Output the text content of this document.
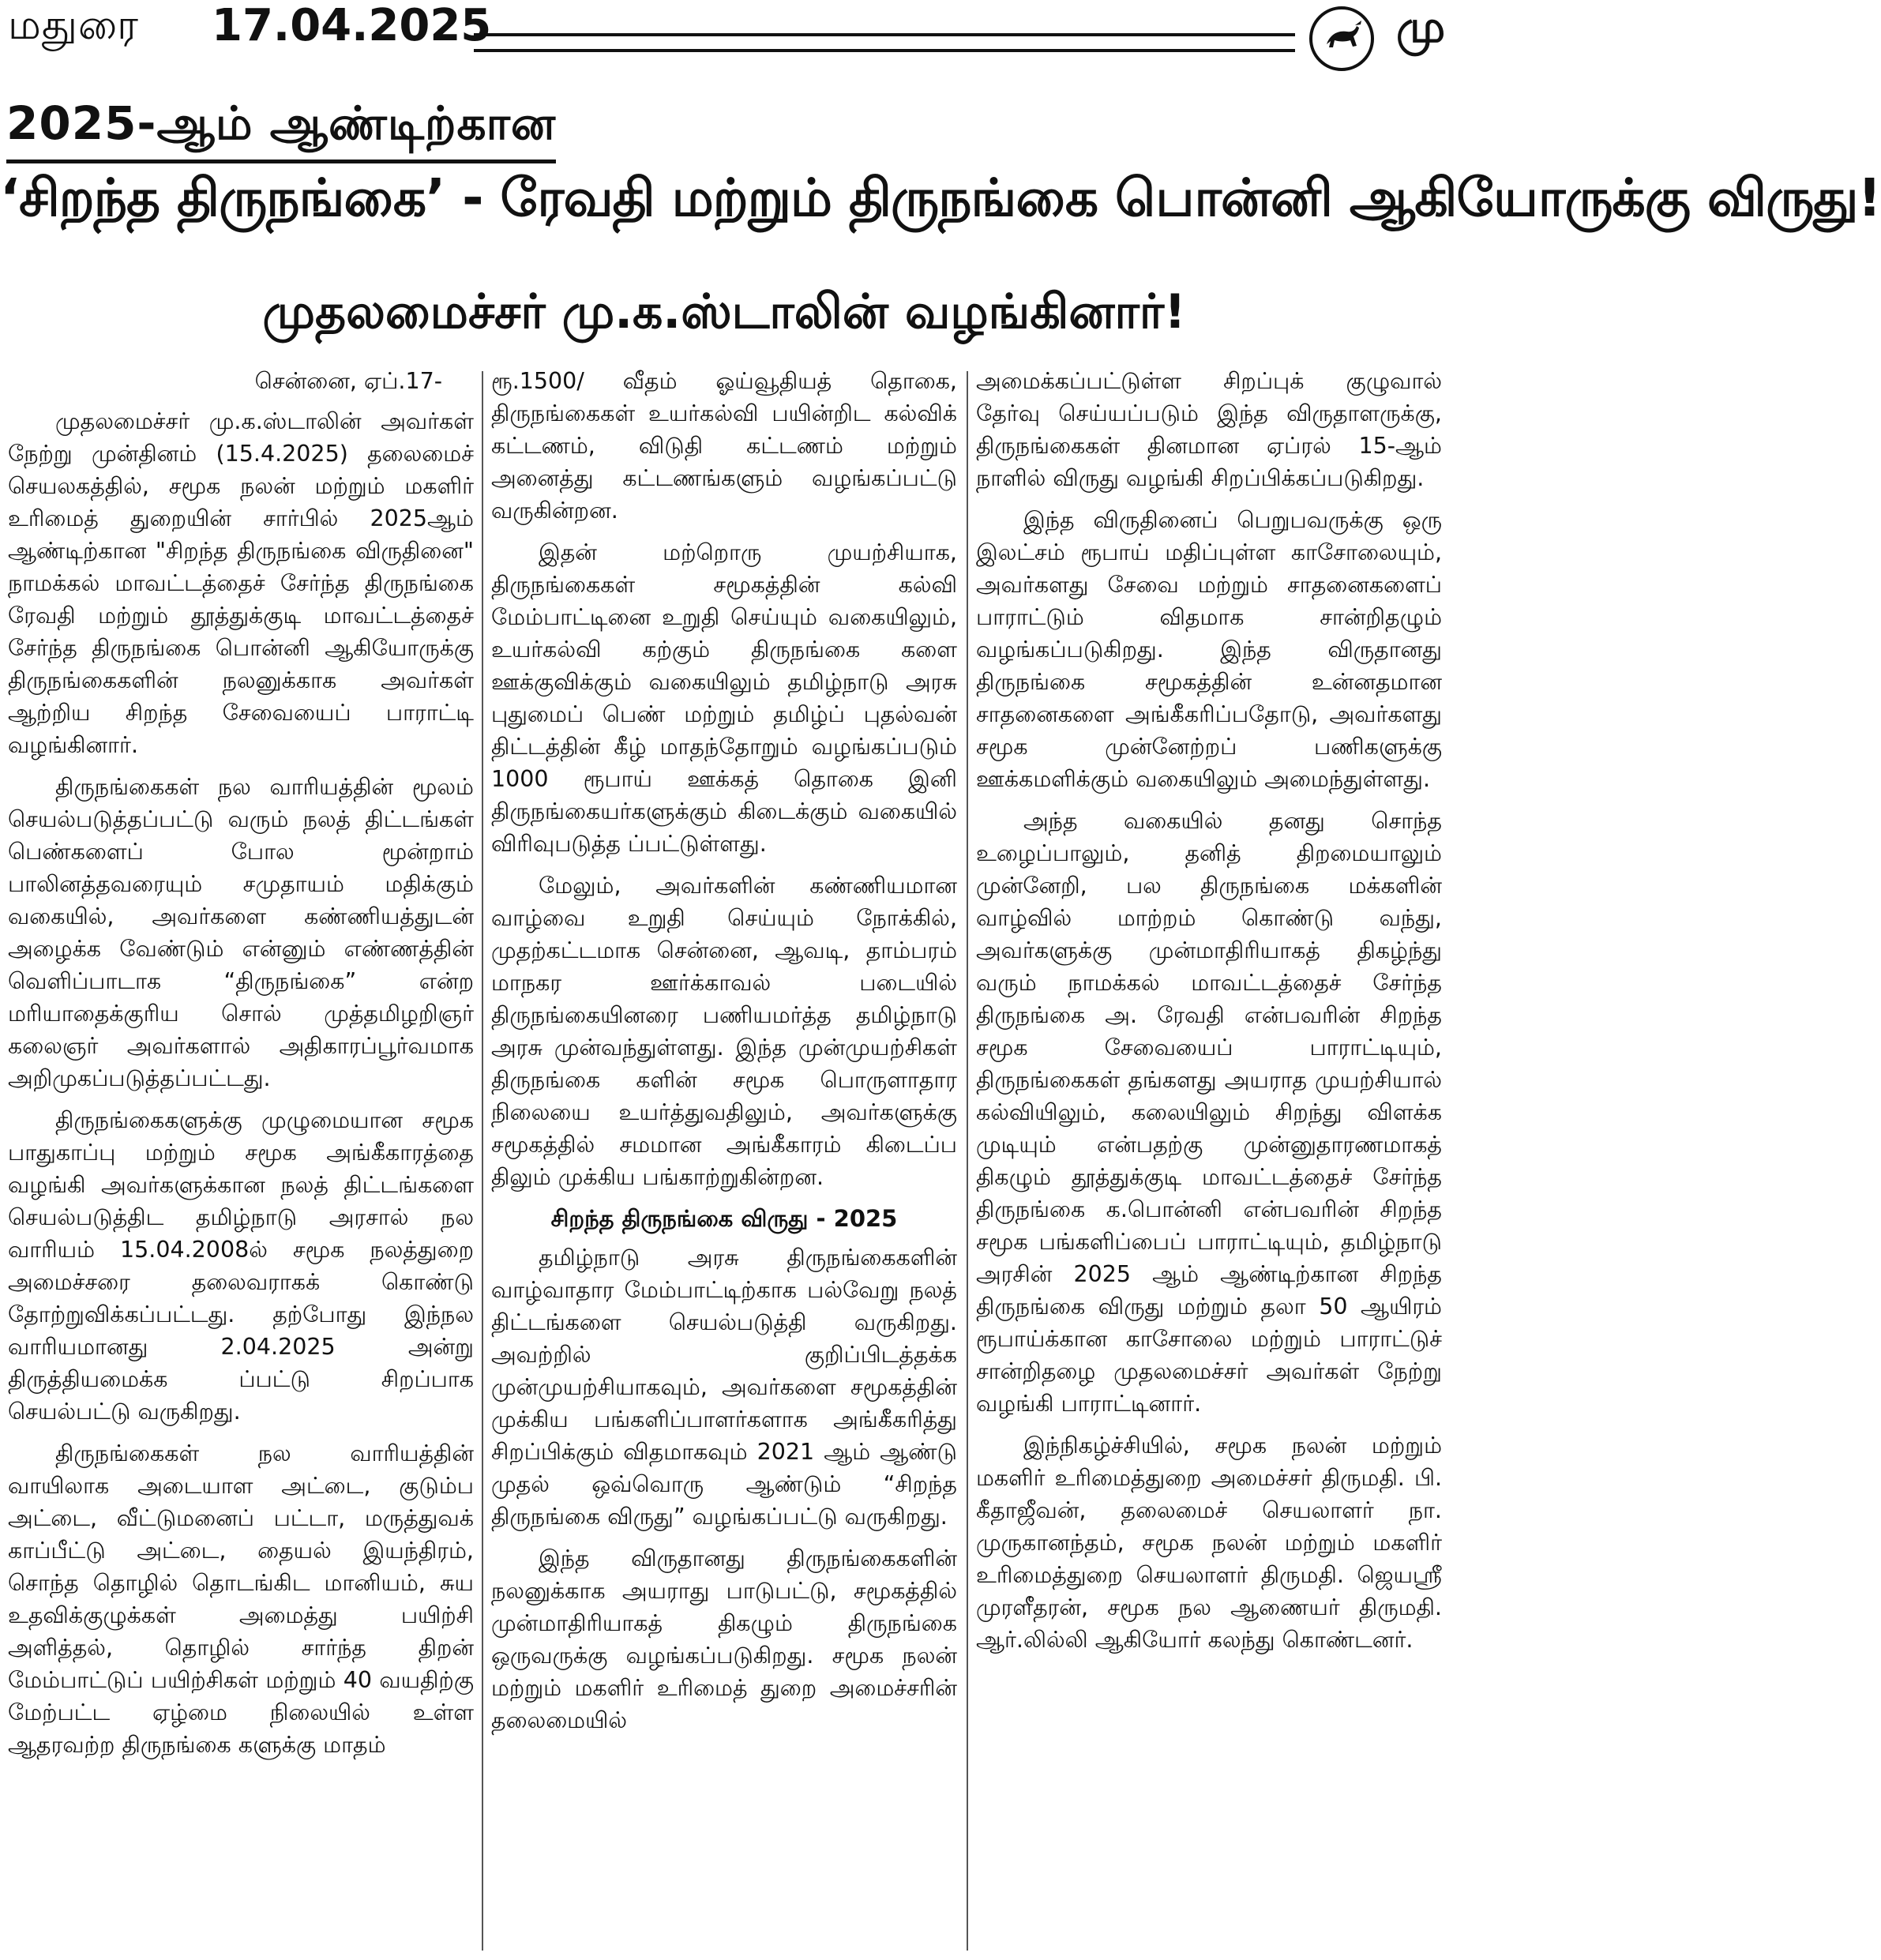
மதுரை 17.04.2025	மு
2025-ஆம் ஆண்டிற்கான
‘சிறந்த திருநங்கை’ - ரேவதி மற்றும் திருநங்கை பொன்னி ஆகியோருக்கு விருது!
முதலமைச்சர் மு.க.ஸ்டாலின் வழங்கினார்!
சென்னை, ஏப்.17-

முதலமைச்சர் மு.க.ஸ்டாலின் அவர்கள் நேற்று முன்தினம் (15.4.2025) தலைமைச் செயலகத்தில், சமூக நலன் மற்றும் மகளிர் உரிமைத் துறையின் சார்பில் 2025ஆம் ஆண்டிற்கான "சிறந்த திருநங்கை விருதினை" நாமக்கல் மாவட்டத்தைச் சேர்ந்த திருநங்கை ரேவதி மற்றும் தூத்துக்குடி மாவட்டத்தைச் சேர்ந்த திருநங்கை பொன்னி ஆகியோருக்கு திருநங்கைகளின் நலனுக்காக அவர்கள் ஆற்றிய சிறந்த சேவையைப் பாராட்டி வழங்கினார்.

திருநங்கைகள் நல வாரியத்தின் மூலம் செயல்படுத்தப்பட்டு வரும் நலத் திட்டங்கள் பெண்களைப் போல மூன்றாம் பாலினத்தவரையும் சமுதாயம் மதிக்கும் வகையில், அவர்களை கண்ணியத்துடன் அழைக்க வேண்டும் என்னும் எண்ணத்தின் வெளிப்பாடாக “திருநங்கை” என்ற மரியாதைக்குரிய சொல் முத்தமிழறிஞர் கலைஞர் அவர்களால் அதிகாரப்பூர்வமாக அறிமுகப்படுத்தப்பட்டது.

திருநங்கைகளுக்கு முழுமையான சமூக பாதுகாப்பு மற்றும் சமூக அங்கீகாரத்தை வழங்கி அவர்களுக்கான நலத் திட்டங்களை செயல்படுத்திட தமிழ்நாடு அரசால் நல வாரியம் 15.04.2008ல் சமூக நலத்துறை அமைச்சரை தலைவராகக் கொண்டு தோற்றுவிக்கப்பட்டது. தற்போது இந்நல வாரியமானது 2.04.2025 அன்று திருத்தியமைக்க ப்பட்டு சிறப்பாக செயல்பட்டு வருகிறது.

திருநங்கைகள் நல வாரியத்தின் வாயிலாக அடையாள அட்டை, குடும்ப அட்டை, வீட்டுமனைப் பட்டா, மருத்துவக் காப்பீட்டு அட்டை, தையல் இயந்திரம், சொந்த தொழில் தொடங்கிட மானியம், சுய உதவிக்குழுக்கள் அமைத்து பயிற்சி அளித்தல், தொழில் சார்ந்த திறன் மேம்பாட்டுப் பயிற்சிகள் மற்றும் 40 வயதிற்கு மேற்பட்ட ஏழ்மை நிலையில் உள்ள ஆதரவற்ற திருநங்கை களுக்கு மாதம்

ரூ.1500/ வீதம் ஓய்வூதியத் தொகை, திருநங்கைகள் உயர்கல்வி பயின்றிட கல்விக் கட்டணம், விடுதி கட்டணம் மற்றும் அனைத்து கட்டணங்களும் வழங்கப்பட்டு வருகின்றன.

இதன் மற்றொரு முயற்சியாக, திருநங்கைகள் சமூகத்தின் கல்வி மேம்பாட்டினை உறுதி செய்யும் வகையிலும், உயர்கல்வி கற்கும் திருநங்கை களை ஊக்குவிக்கும் வகையிலும் தமிழ்நாடு அரசு புதுமைப் பெண் மற்றும் தமிழ்ப் புதல்வன் திட்டத்தின் கீழ் மாதந்தோறும் வழங்கப்படும் 1000 ரூபாய் ஊக்கத் தொகை இனி திருநங்கையர்களுக்கும் கிடைக்கும் வகையில் விரிவுபடுத்த ப்பட்டுள்ளது.

மேலும், அவர்களின் கண்ணியமான வாழ்வை உறுதி செய்யும் நோக்கில், முதற்கட்டமாக சென்னை, ஆவடி, தாம்பரம் மாநகர ஊர்க்காவல் படையில் திருநங்கையினரை பணியமர்த்த தமிழ்நாடு அரசு முன்வந்துள்ளது. இந்த முன்முயற்சிகள் திருநங்கை களின் சமூக பொருளாதார நிலையை உயர்த்துவதிலும், அவர்களுக்கு சமூகத்தில் சமமான அங்கீகாரம் கிடைப்ப திலும் முக்கிய பங்காற்றுகின்றன.

சிறந்த திருநங்கை விருது - 2025

தமிழ்நாடு அரசு திருநங்கைகளின் வாழ்வாதார மேம்பாட்டிற்காக பல்வேறு நலத் திட்டங்களை செயல்படுத்தி வருகிறது. அவற்றில் குறிப்பிடத்தக்க முன்முயற்சியாகவும், அவர்களை சமூகத்தின் முக்கிய பங்களிப்பாளர்களாக அங்கீகரித்து சிறப்பிக்கும் விதமாகவும் 2021 ஆம் ஆண்டு முதல் ஒவ்வொரு ஆண்டும் “சிறந்த திருநங்கை விருது” வழங்கப்பட்டு வருகிறது.

இந்த விருதானது திருநங்கைகளின் நலனுக்காக அயராது பாடுபட்டு, சமூகத்தில் முன்மாதிரியாகத் திகழும் திருநங்கை ஒருவருக்கு வழங்கப்படுகிறது. சமூக நலன் மற்றும் மகளிர் உரிமைத் துறை அமைச்சரின் தலைமையில்

அமைக்கப்பட்டுள்ள சிறப்புக் குழுவால் தேர்வு செய்யப்படும் இந்த விருதாளருக்கு, திருநங்கைகள் தினமான ஏப்ரல் 15-ஆம் நாளில் விருது வழங்கி சிறப்பிக்கப்படுகிறது.

இந்த விருதினைப் பெறுபவருக்கு ஒரு இலட்சம் ரூபாய் மதிப்புள்ள காசோலையும், அவர்களது சேவை மற்றும் சாதனைகளைப் பாராட்டும் விதமாக சான்றிதழும் வழங்கப்படுகிறது. இந்த விருதானது திருநங்கை சமூகத்தின் உன்னதமான சாதனைகளை அங்கீகரிப்பதோடு, அவர்களது சமூக முன்னேற்றப் பணிகளுக்கு ஊக்கமளிக்கும் வகையிலும் அமைந்துள்ளது.

அந்த வகையில் தனது சொந்த உழைப்பாலும், தனித் திறமையாலும் முன்னேறி, பல திருநங்கை மக்களின் வாழ்வில் மாற்றம் கொண்டு வந்து, அவர்களுக்கு முன்மாதிரியாகத் திகழ்ந்து வரும் நாமக்கல் மாவட்டத்தைச் சேர்ந்த திருநங்கை அ. ரேவதி என்பவரின் சிறந்த சமூக சேவையைப் பாராட்டியும், திருநங்கைகள் தங்களது அயராத முயற்சியால் கல்வியிலும், கலையிலும் சிறந்து விளக்க முடியும் என்பதற்கு முன்னுதாரணமாகத் திகழும் தூத்துக்குடி மாவட்டத்தைச் சேர்ந்த திருநங்கை க.பொன்னி என்பவரின் சிறந்த சமூக பங்களிப்பைப் பாராட்டியும், தமிழ்நாடு அரசின் 2025 ஆம் ஆண்டிற்கான சிறந்த திருநங்கை விருது மற்றும் தலா 50 ஆயிரம் ரூபாய்க்கான காசோலை மற்றும் பாராட்டுச் சான்றிதழை முதலமைச்சர் அவர்கள் நேற்று வழங்கி பாராட்டினார்.

இந்நிகழ்ச்சியில், சமூக நலன் மற்றும் மகளிர் உரிமைத்துறை அமைச்சர் திருமதி. பி. கீதாஜீவன், தலைமைச் செயலாளர் நா. முருகானந்தம், சமூக நலன் மற்றும் மகளிர் உரிமைத்துறை செயலாளர் திருமதி. ஜெயஸ்ரீ முரளீதரன், சமூக நல ஆணையர் திருமதி. ஆர்.லில்லி ஆகியோர் கலந்து கொண்டனர்.
